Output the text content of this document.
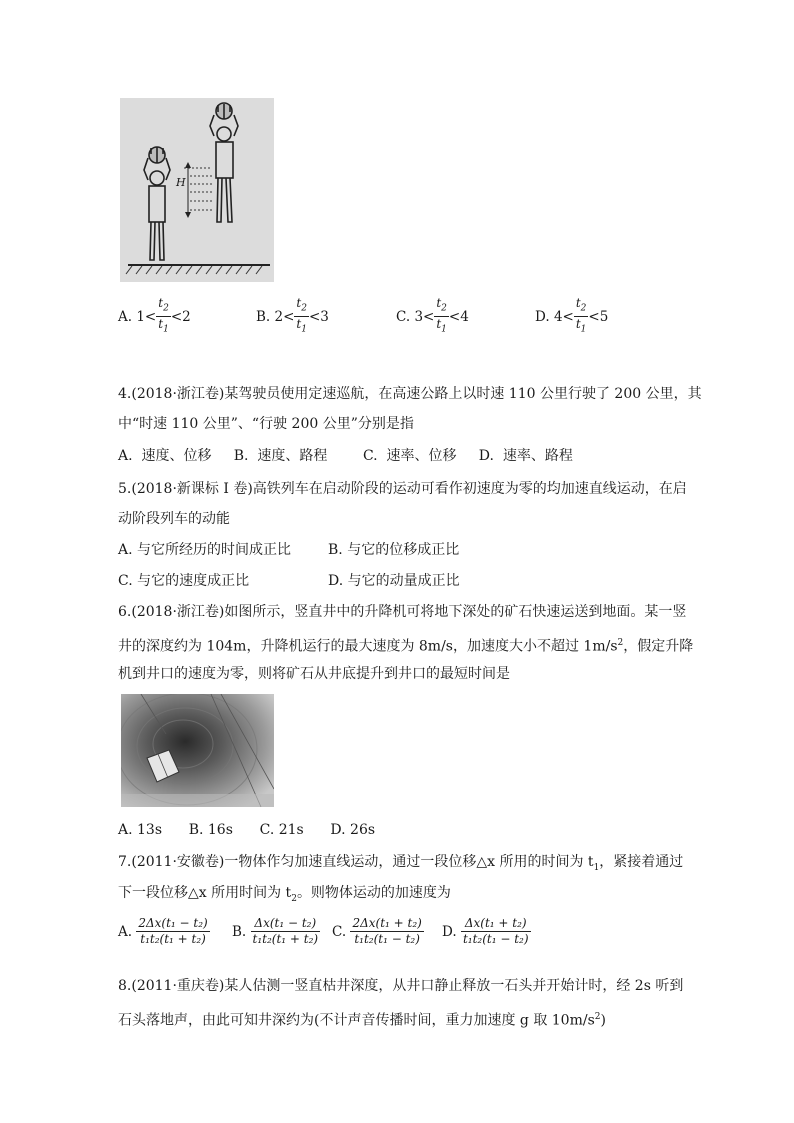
H
A.
$1< \frac{t_2}{t_1} <2$	B.
$2< \frac{t_2}{t_1} <3$	C.
$3< \frac{t_2}{t_1} <4$	D.
$4< \frac{t_2}{t_1} <5$
4.(2018·浙江卷)某驾驶员使用定速巡航，在高速公路上以时速 110 公里行驶了 200 公里，其
中“时速 110 公里”、“行驶 200 公里”分别是指
A.  速度、位移     B.  速度、路程        C.  速率、位移     D.  速率、路程
5.(2018·新课标 I 卷)高铁列车在启动阶段的运动可看作初速度为零的均加速直线运动，在启
动阶段列车的动能
A. 与它所经历的时间成正比	B. 与它的位移成正比
C. 与它的速度成正比	D. 与它的动量成正比
6.(2018·浙江卷)如图所示，竖直井中的升降机可将地下深处的矿石快速运送到地面。某一竖
井的深度约为 104m，升降机运行的最大速度为 8m/s，加速度大小不超过 $1m/s^2$，假定升降
机到井口的速度为零，则将矿石从井底提升到井口的最短时间是
A. 13s      B. 16s      C. 21s      D. 26s
7.(2011·安徽卷)一物体作匀加速直线运动，通过一段位移△x 所用的时间为 $t_1$，紧接着通过
下一段位移△x 所用时间为 $t_2$。则物体运动的加速度为
A.
$\frac{\text{2Δx(t₁ − t₂)}}{\text{t₁t₂(t₁ + t₂)}} B$.
$\frac{\text{Δx(t₁ − t₂)}}{\text{t₁t₂(t₁ + t₂)}} C$.
$\frac{\text{2Δx(t₁ + t₂)}}{\text{t₁t₂(t₁ − t₂)}} D$.
$\frac{\text{Δx(t₁ + t₂)}}{\text{t₁t₂(t₁ − t₂)}}$
8.(2011·重庆卷)某人估测一竖直枯井深度，从井口静止释放一石头并开始计时，经 2s 听到
石头落地声，由此可知井深约为(不计声音传播时间，重力加速度 g 取 $10m/s^2$)
